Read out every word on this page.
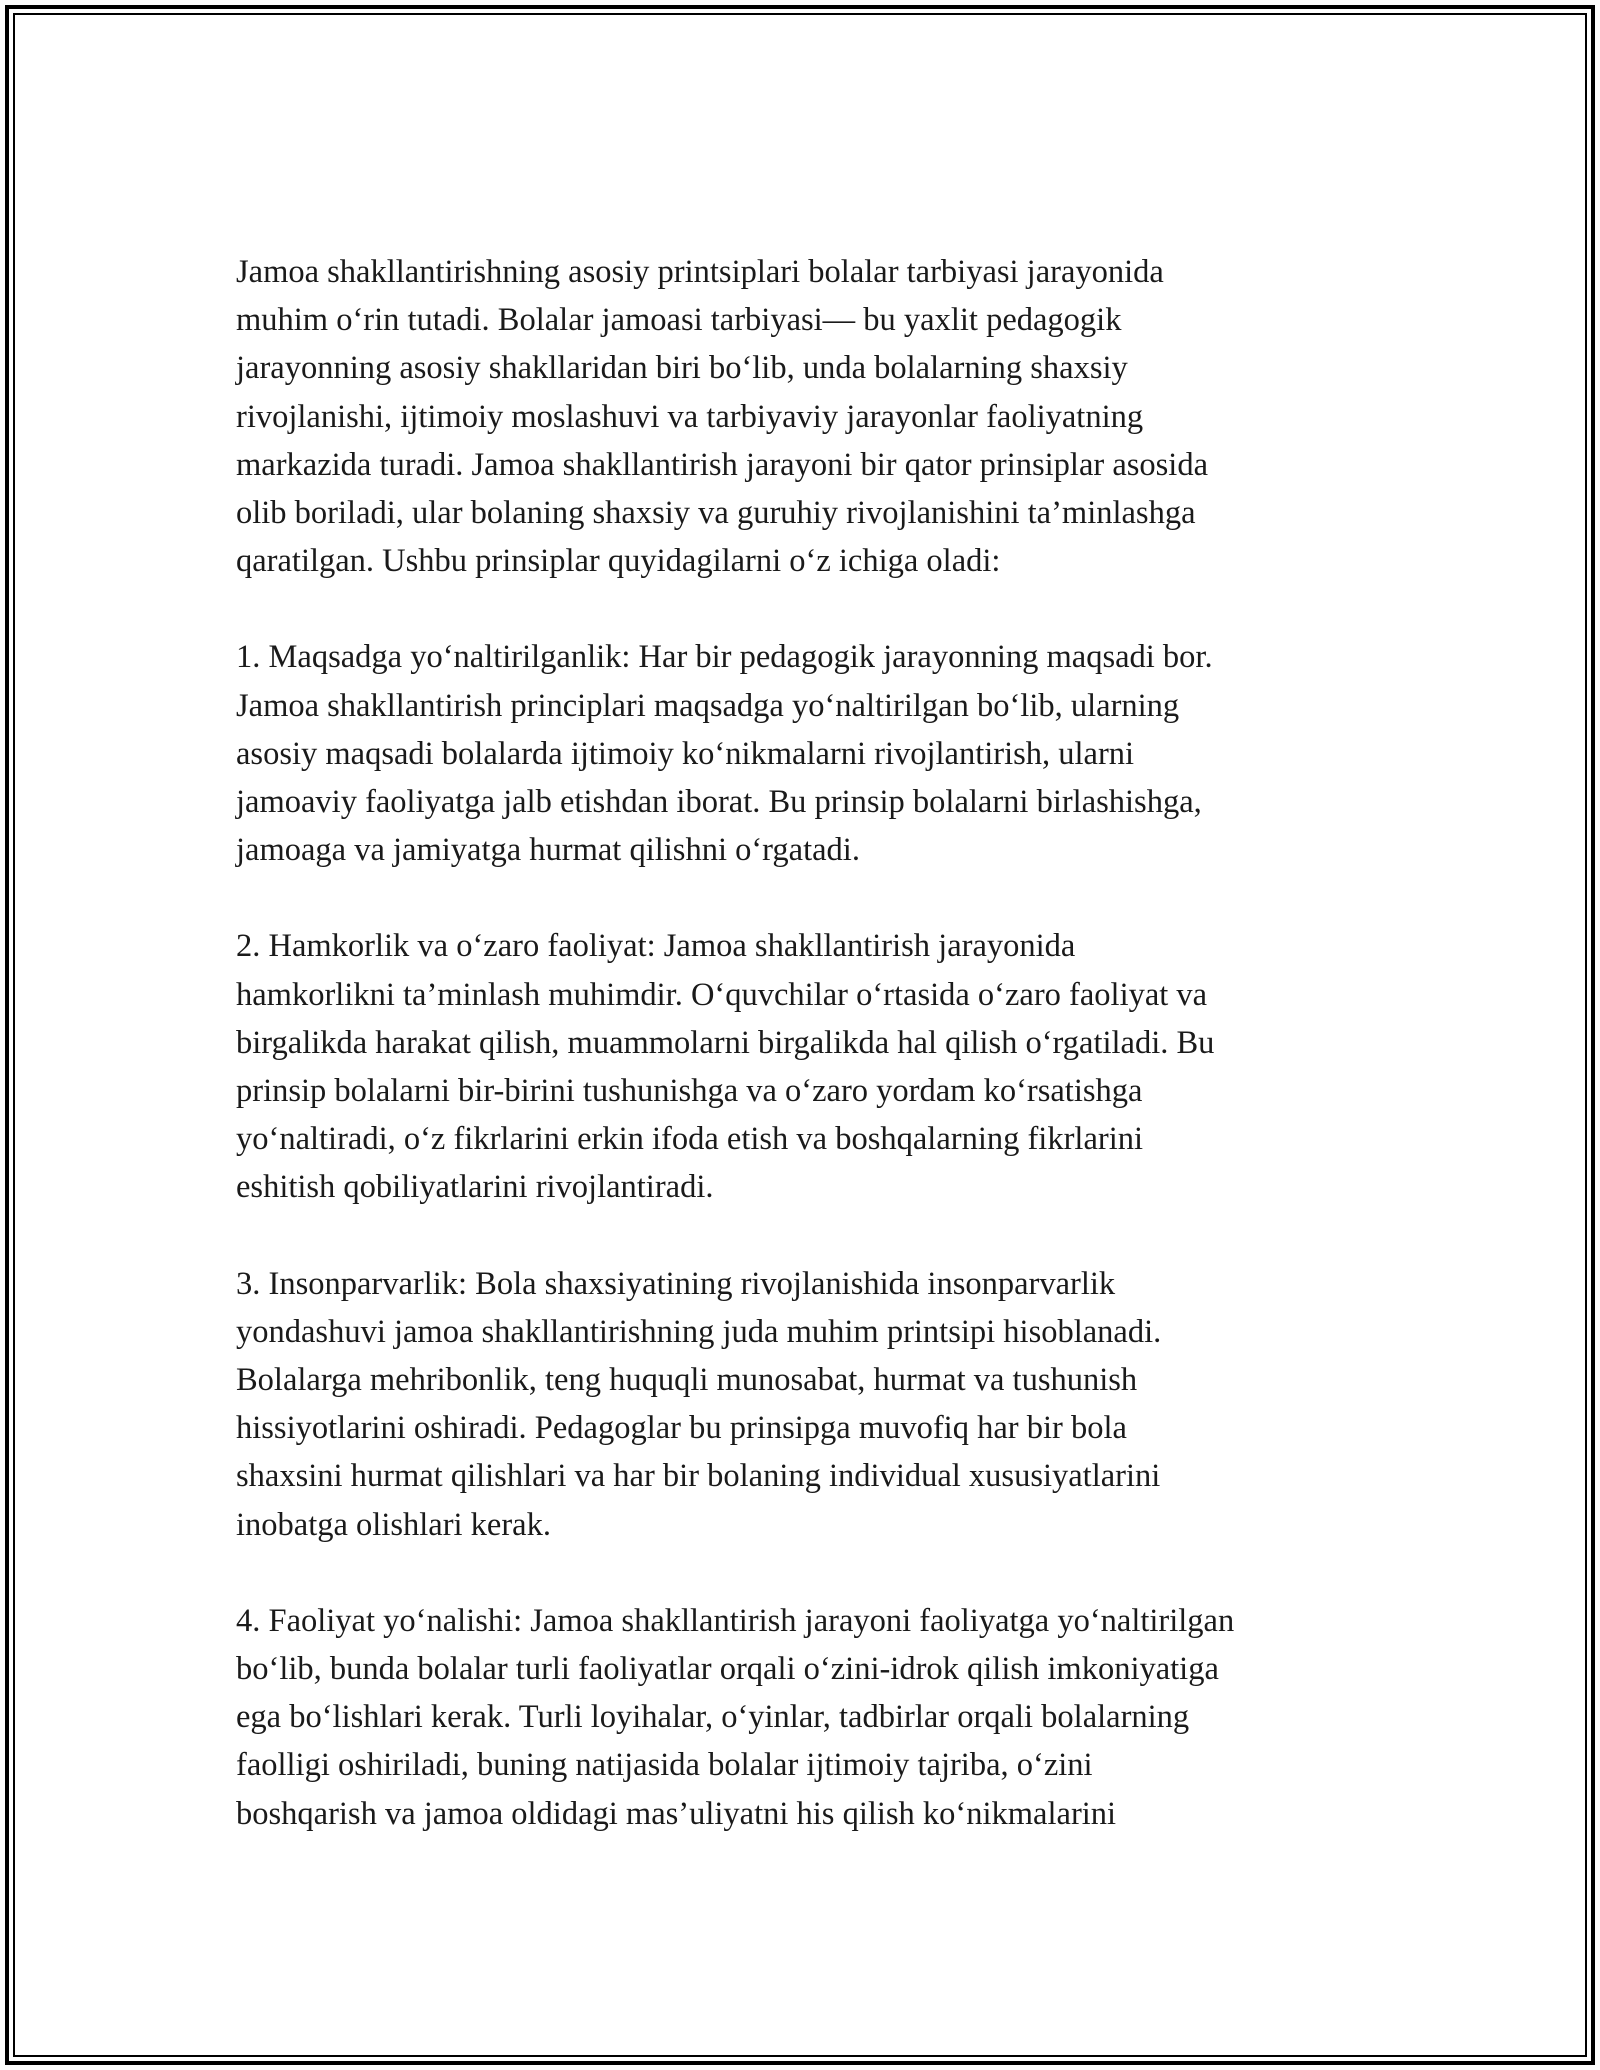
Jamoa shakllantirishning asosiy printsiplari bolalar tarbiyasi jarayonida
muhim o‘rin tutadi. Bolalar jamoasi tarbiyasi— bu yaxlit pedagogik
jarayonning asosiy shakllaridan biri bo‘lib, unda bolalarning shaxsiy
rivojlanishi, ijtimoiy moslashuvi va tarbiyaviy jarayonlar faoliyatning
markazida turadi. Jamoa shakllantirish jarayoni bir qator prinsiplar asosida
olib boriladi, ular bolaning shaxsiy va guruhiy rivojlanishini ta’minlashga
qaratilgan. Ushbu prinsiplar quyidagilarni o‘z ichiga oladi:

1. Maqsadga yo‘naltirilganlik: Har bir pedagogik jarayonning maqsadi bor.
Jamoa shakllantirish principlari maqsadga yo‘naltirilgan bo‘lib, ularning
asosiy maqsadi bolalarda ijtimoiy ko‘nikmalarni rivojlantirish, ularni
jamoaviy faoliyatga jalb etishdan iborat. Bu prinsip bolalarni birlashishga,
jamoaga va jamiyatga hurmat qilishni o‘rgatadi.

2. Hamkorlik va o‘zaro faoliyat: Jamoa shakllantirish jarayonida
hamkorlikni ta’minlash muhimdir. O‘quvchilar o‘rtasida o‘zaro faoliyat va
birgalikda harakat qilish, muammolarni birgalikda hal qilish o‘rgatiladi. Bu
prinsip bolalarni bir-birini tushunishga va o‘zaro yordam ko‘rsatishga
yo‘naltiradi, o‘z fikrlarini erkin ifoda etish va boshqalarning fikrlarini
eshitish qobiliyatlarini rivojlantiradi.

3. Insonparvarlik: Bola shaxsiyatining rivojlanishida insonparvarlik
yondashuvi jamoa shakllantirishning juda muhim printsipi hisoblanadi.
Bolalarga mehribonlik, teng huquqli munosabat, hurmat va tushunish
hissiyotlarini oshiradi. Pedagoglar bu prinsipga muvofiq har bir bola
shaxsini hurmat qilishlari va har bir bolaning individual xususiyatlarini
inobatga olishlari kerak.

4. Faoliyat yo‘nalishi: Jamoa shakllantirish jarayoni faoliyatga yo‘naltirilgan
bo‘lib, bunda bolalar turli faoliyatlar orqali o‘zini-idrok qilish imkoniyatiga
ega bo‘lishlari kerak. Turli loyihalar, o‘yinlar, tadbirlar orqali bolalarning
faolligi oshiriladi, buning natijasida bolalar ijtimoiy tajriba, o‘zini
boshqarish va jamoa oldidagi mas’uliyatni his qilish ko‘nikmalarini
